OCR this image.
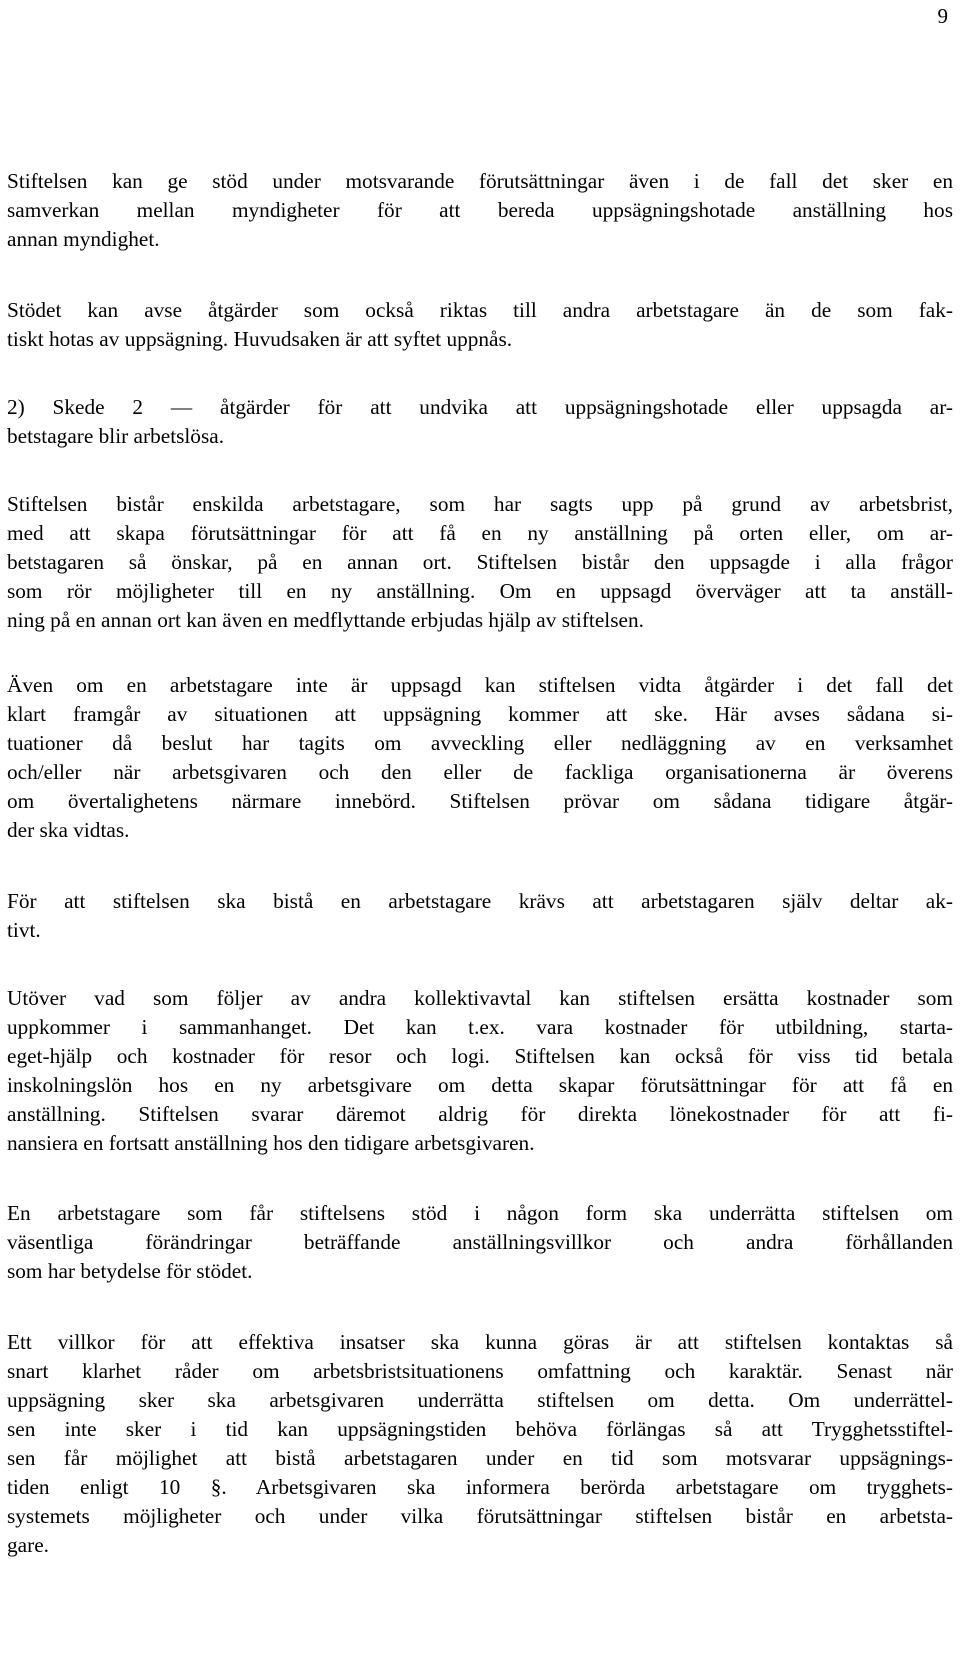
9
Stiftelsen kan ge stöd under motsvarande förutsättningar även i de fall det sker en
samverkan mellan myndigheter för att bereda uppsägningshotade anställning hos
annan myndighet.
Stödet kan avse åtgärder som också riktas till andra arbetstagare än de som fak-
tiskt hotas av uppsägning. Huvudsaken är att syftet uppnås.
2) Skede 2 — åtgärder för att undvika att uppsägningshotade eller uppsagda ar-
betstagare blir arbetslösa.
Stiftelsen bistår enskilda arbetstagare, som har sagts upp på grund av arbetsbrist,
med att skapa förutsättningar för att få en ny anställning på orten eller, om ar-
betstagaren så önskar, på en annan ort. Stiftelsen bistår den uppsagde i alla frågor
som rör möjligheter till en ny anställning. Om en uppsagd överväger att ta anställ-
ning på en annan ort kan även en medflyttande erbjudas hjälp av stiftelsen.
Även om en arbetstagare inte är uppsagd kan stiftelsen vidta åtgärder i det fall det
klart framgår av situationen att uppsägning kommer att ske. Här avses sådana si-
tuationer då beslut har tagits om avveckling eller nedläggning av en verksamhet
och/eller när arbetsgivaren och den eller de fackliga organisationerna är överens
om övertalighetens närmare innebörd. Stiftelsen prövar om sådana tidigare åtgär-
der ska vidtas.
För att stiftelsen ska bistå en arbetstagare krävs att arbetstagaren själv deltar ak-
tivt.
Utöver vad som följer av andra kollektivavtal kan stiftelsen ersätta kostnader som
uppkommer i sammanhanget. Det kan t.ex. vara kostnader för utbildning, starta-
eget-hjälp och kostnader för resor och logi. Stiftelsen kan också för viss tid betala
inskolningslön hos en ny arbetsgivare om detta skapar förutsättningar för att få en
anställning. Stiftelsen svarar däremot aldrig för direkta lönekostnader för att fi-
nansiera en fortsatt anställning hos den tidigare arbetsgivaren.
En arbetstagare som får stiftelsens stöd i någon form ska underrätta stiftelsen om
väsentliga förändringar beträffande anställningsvillkor och andra förhållanden
som har betydelse för stödet.
Ett villkor för att effektiva insatser ska kunna göras är att stiftelsen kontaktas så
snart klarhet råder om arbetsbristsituationens omfattning och karaktär. Senast när
uppsägning sker ska arbetsgivaren underrätta stiftelsen om detta. Om underrättel-
sen inte sker i tid kan uppsägningstiden behöva förlängas så att Trygghetsstiftel-
sen får möjlighet att bistå arbetstagaren under en tid som motsvarar uppsägnings-
tiden enligt 10 §. Arbetsgivaren ska informera berörda arbetstagare om trygghets-
systemets möjligheter och under vilka förutsättningar stiftelsen bistår en arbetsta-
gare.
